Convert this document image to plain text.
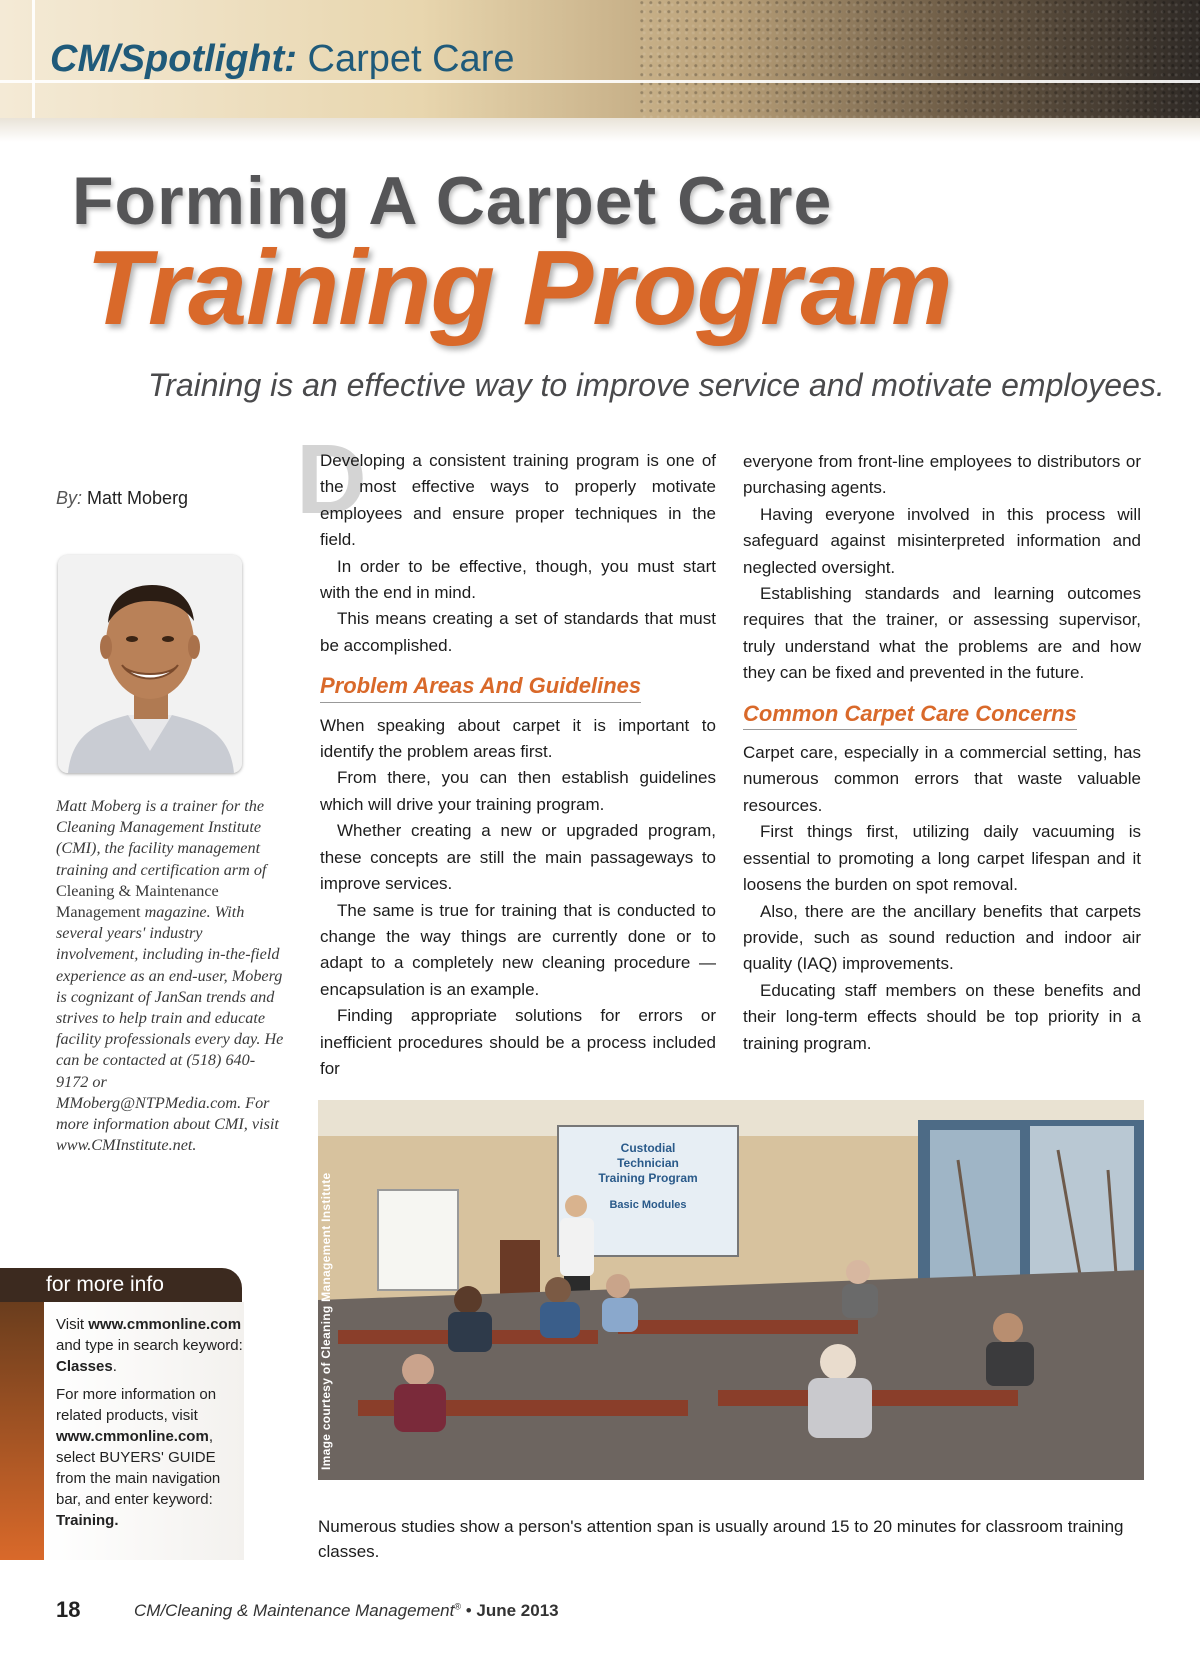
CM/Spotlight: Carpet Care
Forming A Carpet Care
Training Program
Training is an effective way to improve service and motivate employees.
By: Matt Moberg
Matt Moberg is a trainer for the Cleaning Management Institute (CMI), the facility management training and certification arm of Cleaning & Maintenance Management magazine. With several years' industry involvement, including in-the-field experience as an end-user, Moberg is cognizant of JanSan trends and strives to help train and educate facility professionals every day. He can be contacted at (518) 640-9172 or MMoberg@NTPMedia.com. For more information about CMI, visit www.CMInstitute.net.
for more info

Visit www.cmmonline.com and type in search keyword: Classes.

For more information on related products, visit www.cmmonline.com, select BUYERS' GUIDE from the main navigation bar, and enter keyword: Training.

D

Developing a consistent training program is one of the most effective ways to properly motivate employees and ensure proper techniques in the field.

In order to be effective, though, you must start with the end in mind.

This means creating a set of standards that must be accomplished.

Problem Areas And Guidelines

When speaking about carpet it is important to identify the problem areas first.

From there, you can then establish guidelines which will drive your training program.

Whether creating a new or upgraded program, these concepts are still the main passageways to improve services.

The same is true for training that is conducted to change the way things are currently done or to adapt to a completely new cleaning procedure — encapsulation is an example.

Finding appropriate solutions for errors or inefficient procedures should be a process included for

everyone from front-line employees to distributors or purchasing agents.

Having everyone involved in this process will safeguard against misinterpreted information and neglected oversight.

Establishing standards and learning outcomes requires that the trainer, or assessing supervisor, truly understand what the problems are and how they can be fixed and prevented in the future.

Common Carpet Care Concerns

Carpet care, especially in a commercial setting, has numerous common errors that waste valuable resources.

First things first, utilizing daily vacuuming is essential to promoting a long carpet lifespan and it loosens the burden on spot removal.

Also, there are the ancillary benefits that carpets provide, such as sound reduction and indoor air quality (IAQ) improvements.

Educating staff members on these benefits and their long-term effects should be top priority in a training program.

Custodial
Technician
Training Program
Basic Modules
Image courtesy of Cleaning Management Institute
Numerous studies show a person's attention span is usually around 15 to 20 minutes for classroom training classes.
18	CM/Cleaning & Maintenance Management® • June 2013
